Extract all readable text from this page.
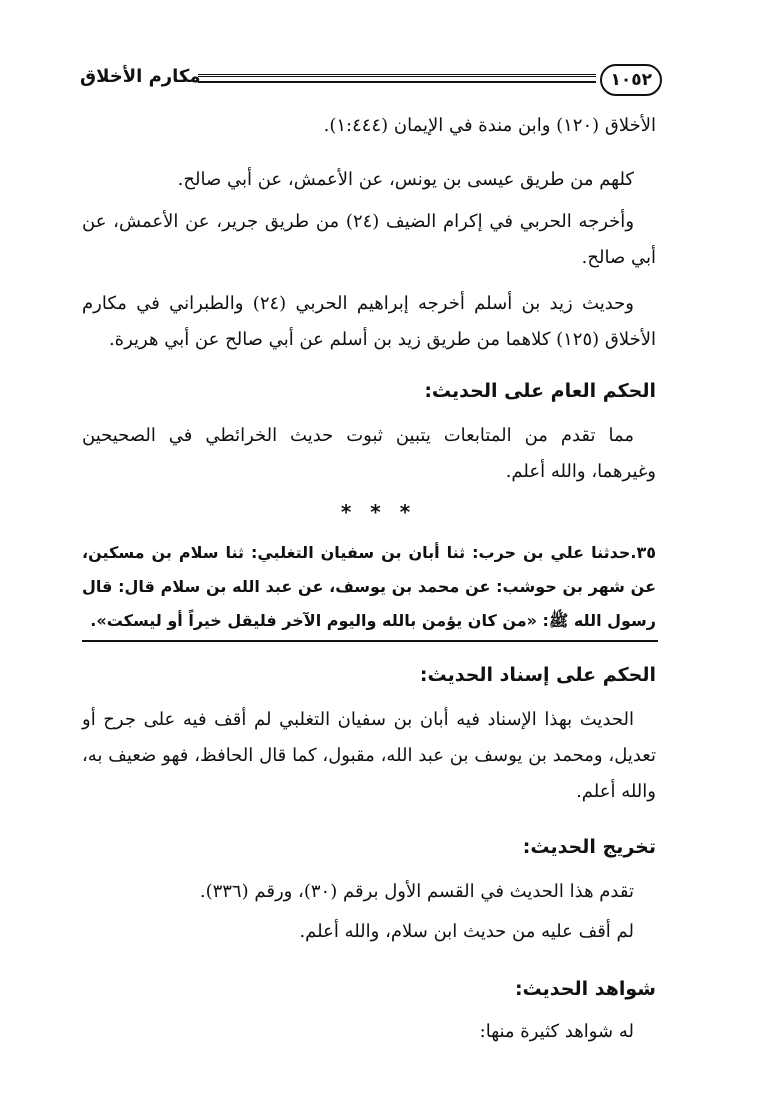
١٠٥٢
مكارم الأخلاق

الأخلاق (١٢٠) وابن مندة في الإيمان (١:٤٤٤).

كلهم من طريق عيسى بن يونس، عن الأعمش، عن أبي صالح.

وأخرجه الحربي في إكرام الضيف (٢٤) من طريق جرير، عن الأعمش، عن أبي صالح.

وحديث زيد بن أسلم أخرجه إبراهيم الحربي (٢٤) والطبراني في مكارم الأخلاق (١٢٥) كلاهما من طريق زيد بن أسلم عن أبي صالح عن أبي هريرة.

الحكم العام على الحديث:

مما تقدم من المتابعات يتبين ثبوت حديث الخرائطي في الصحيحين وغيرهما، والله أعلم.

* * *

٣٥.حدثنا علي بن حرب: ثنا أبان بن سفيان التغلبي: ثنا سلام بن مسكين، عن شهر بن حوشب: عن محمد بن يوسف، عن عبد الله بن سلام قال: قال رسول الله ﷺ: «من كان يؤمن بالله واليوم الآخر فليقل خيراً أو ليسكت».

الحكم على إسناد الحديث:

الحديث بهذا الإسناد فيه أبان بن سفيان التغلبي لم أقف فيه على جرح أو تعديل، ومحمد بن يوسف بن عبد الله، مقبول، كما قال الحافظ، فهو ضعيف به، والله أعلم.

تخريج الحديث:

تقدم هذا الحديث في القسم الأول برقم (٣٠)، ورقم (٣٣٦).

لم أقف عليه من حديث ابن سلام، والله أعلم.

شواهد الحديث:

له شواهد كثيرة منها:
